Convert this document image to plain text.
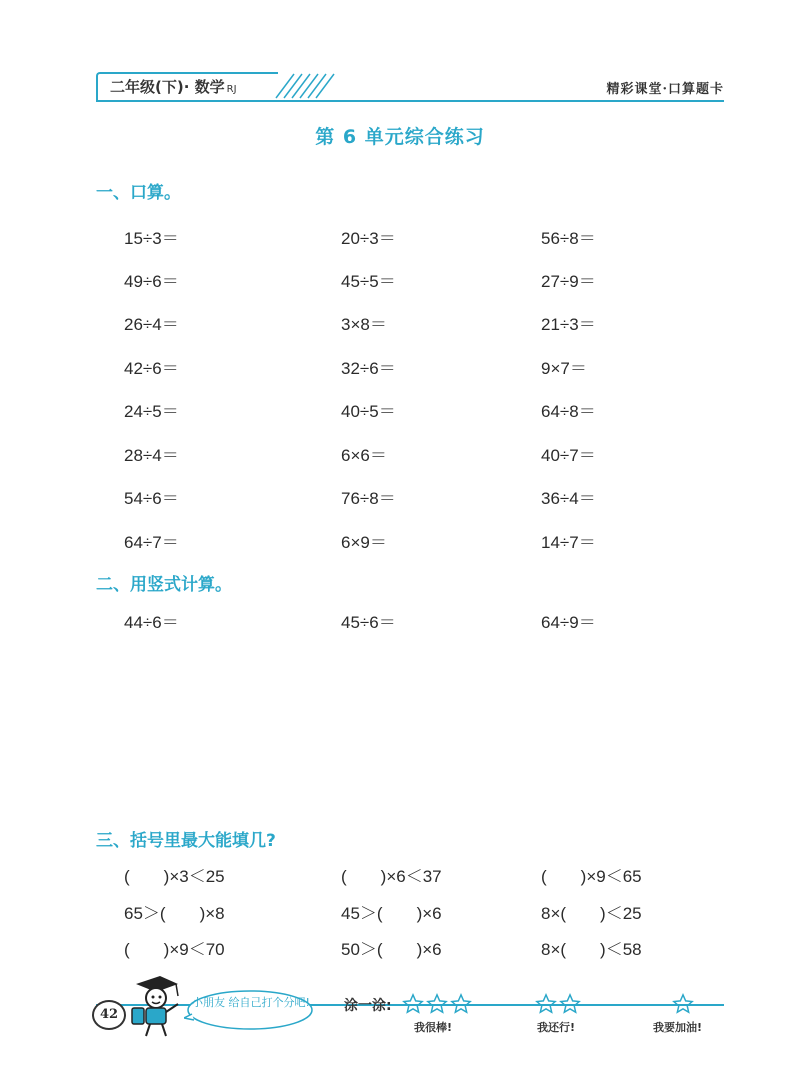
二年级(下)· 数学 RJ	精彩课堂·口算题卡
第 6 单元综合练习
一、口算。
15÷3＝	20÷3＝	56÷8＝
49÷6＝	45÷5＝	27÷9＝
26÷4＝	3×8＝	21÷3＝
42÷6＝	32÷6＝	9×7＝
24÷5＝	40÷5＝	64÷8＝
28÷4＝	6×6＝	40÷7＝
54÷6＝	76÷8＝	36÷4＝
64÷7＝	6×9＝	14÷7＝
二、用竖式计算。
44÷6＝	45÷6＝	64÷9＝
三、括号里最大能填几?
(　　)×3＜25	(　　)×6＜37	(　　)×9＜65
65＞(　　)×8	45＞(　　)×6	8×(　　)＜25
(　　)×9＜70	50＞(　　)×6	8×(　　)＜58
42
小朋友 给自己打个分吧! 涂一涂:
我很棒!	我还行!	我要加油!
